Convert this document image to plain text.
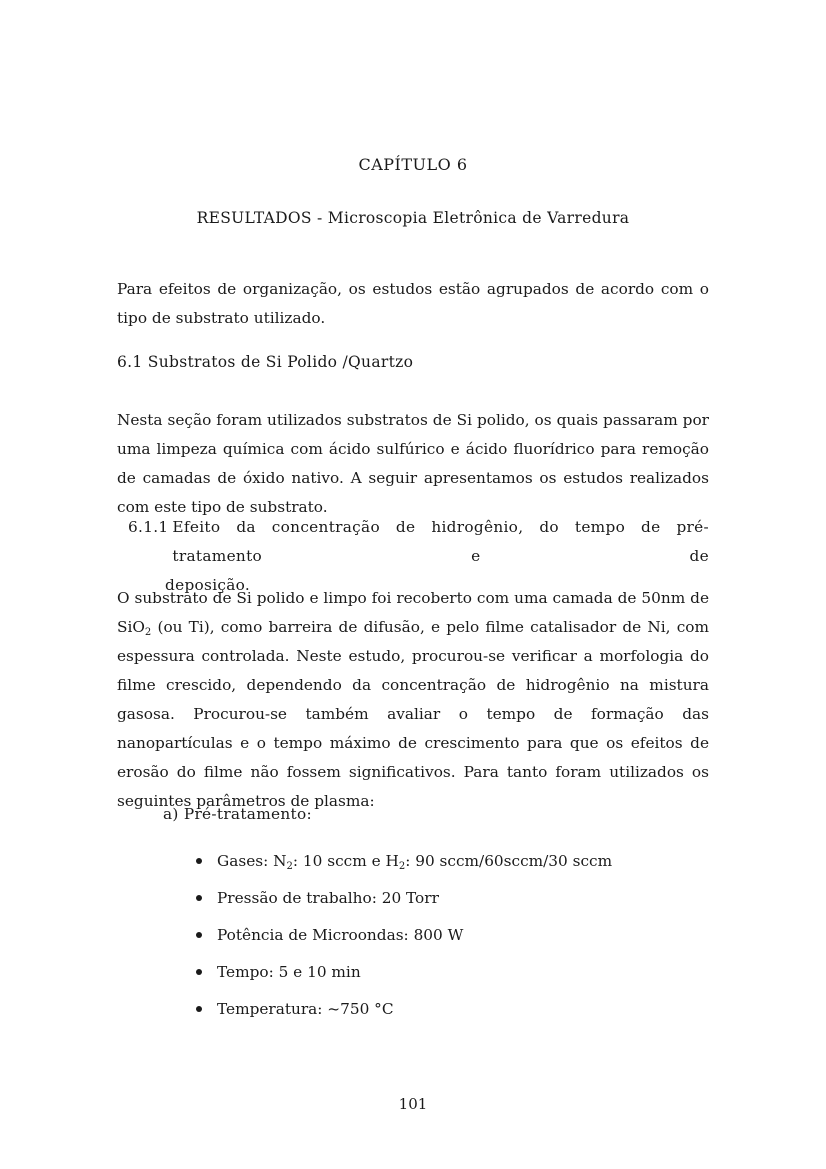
CAPÍTULO 6
RESULTADOS - Microscopia Eletrônica de Varredura

Para efeitos de organização, os estudos estão agrupados de acordo com o tipo de substrato utilizado.

6.1 Substratos de Si Polido /Quartzo

Nesta seção foram utilizados substratos de Si polido, os quais passaram por uma limpeza química com ácido sulfúrico e ácido fluorídrico para remoção de camadas de óxido nativo. A seguir apresentamos os estudos realizados com este tipo de substrato.

6.1.1 Efeito da concentração de hidrogênio, do tempo de pré-tratamento e de
deposição.

O substrato de Si polido e limpo foi recoberto com uma camada de 50nm de SiO$_2$ (ou Ti), como barreira de difusão, e pelo filme catalisador de Ni, com espessura controlada. Neste estudo, procurou-se verificar a morfologia do filme crescido, dependendo da concentração de hidrogênio na mistura gasosa. Procurou-se também avaliar o tempo de formação das nanopartículas e o tempo máximo de crescimento para que os efeitos de erosão do filme não fossem significativos. Para tanto foram utilizados os seguintes parâmetros de plasma:

a) Pré-tratamento:

Gases: $N_2$: 10 sccm e $H_2$: 90 sccm/60sccm/30 sccm
Pressão de trabalho: 20 Torr
Potência de Microondas: 800 W
Tempo: 5 e 10 min
Temperatura: ~750 °C
101
